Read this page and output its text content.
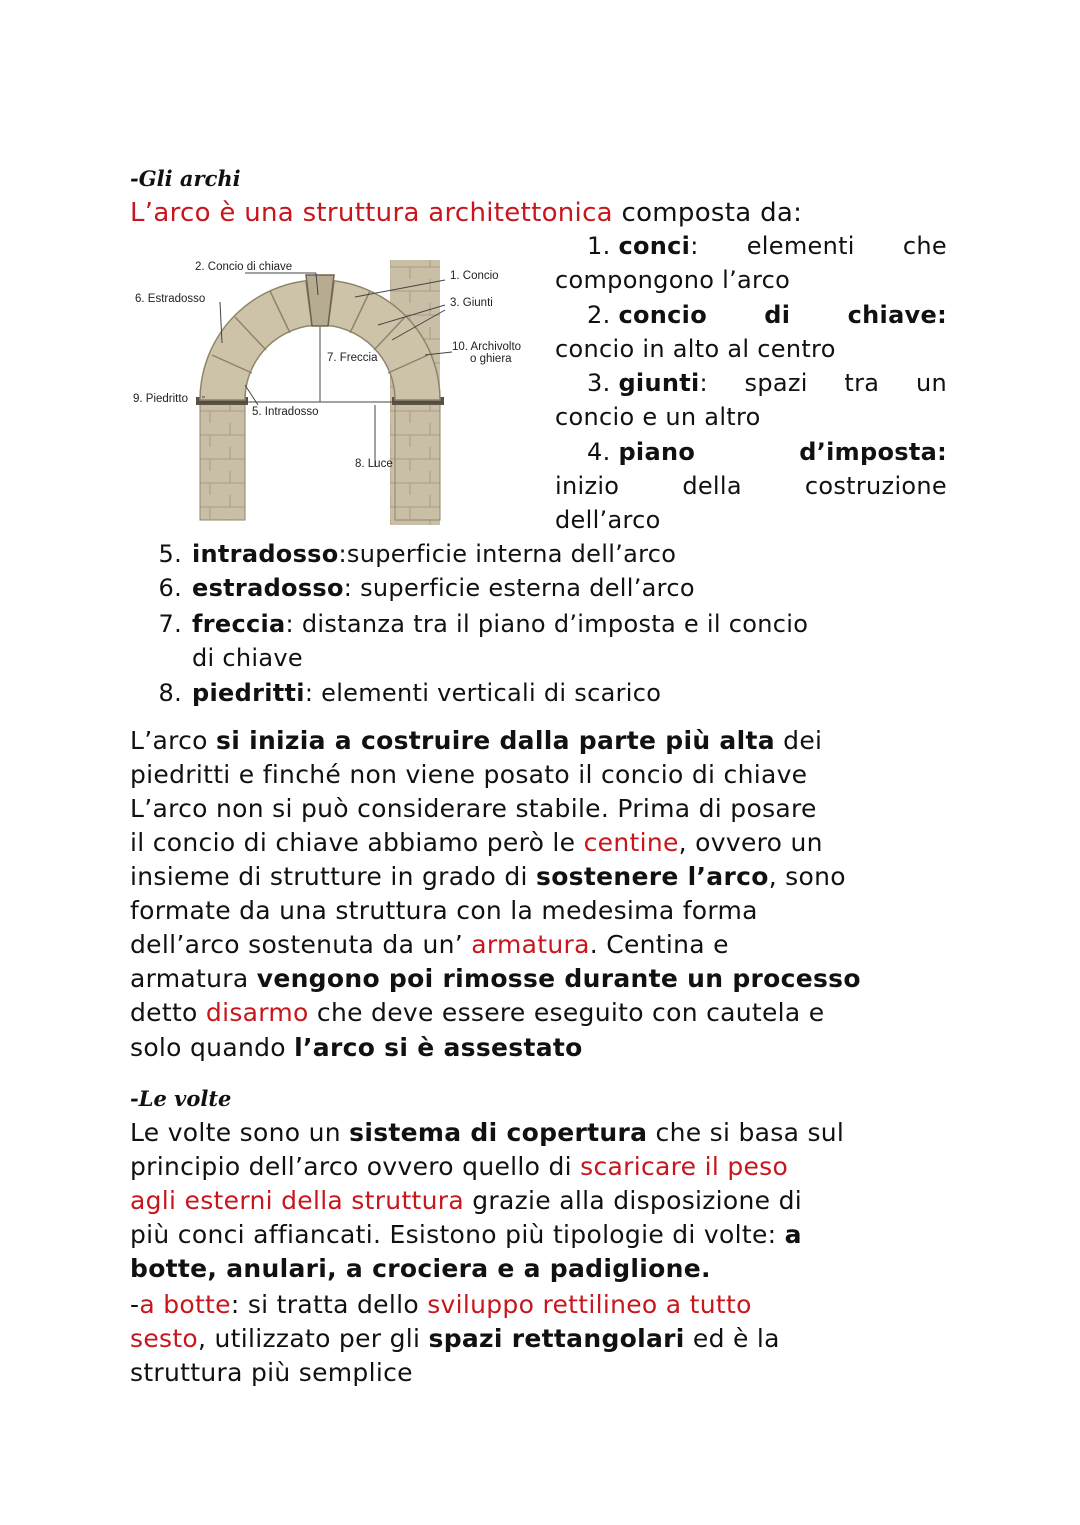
-Gli archi
L’arco è una struttura architettonica composta da:
2. Concio di chiave
1. Concio
6. Estradosso	3. Giunti
10. Archivolto
o ghiera
7. Freccia
9. Piedritto
5. Intradosso
8. Luce
1. conci: elementi che
compongono l’arco
2. concio di chiave:
concio in alto al centro
3. giunti: spazi tra un
concio e un altro
4. piano	d’imposta:
inizio	della	costruzione
dell’arco
5. intradosso:superficie interna dell’arco
6. estradosso: superficie esterna dell’arco
7. freccia: distanza tra il piano d’imposta e il concio
di chiave
8. piedritti: elementi verticali di scarico
L’arco si inizia a costruire dalla parte più alta dei
piedritti e finché non viene posato il concio di chiave
L’arco non si può considerare stabile. Prima di posare
il concio di chiave abbiamo però le centine, ovvero un
insieme di strutture in grado di sostenere l’arco, sono
formate da una struttura con la medesima forma
dell’arco sostenuta da un’ armatura. Centina e
armatura vengono poi rimosse durante un processo
detto disarmo che deve essere eseguito con cautela e
solo quando l’arco si è assestato
-Le volte
Le volte sono un sistema di copertura che si basa sul
principio dell’arco ovvero quello di scaricare il peso
agli esterni della struttura grazie alla disposizione di
più conci affiancati. Esistono più tipologie di volte: a
botte, anulari, a crociera e a padiglione.
-a botte: si tratta dello sviluppo rettilineo a tutto
sesto, utilizzato per gli spazi rettangolari ed è la
struttura più semplice
